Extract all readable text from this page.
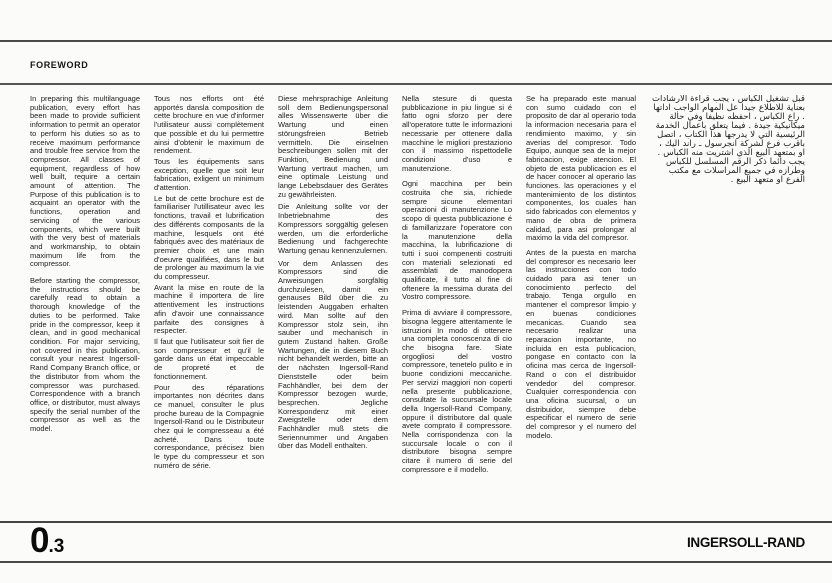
FOREWORD

In preparing this multilanguage publication, every effort has been made to provide sufficient information to permit an operator to perform his duties so as to receive maximum performance and trouble free service from the compressor. All classes of equipment, regardless of how well built, require a certain amount of attention. The Purpose of this publication is to acquaint an operator with the functions, operation and servicing of the various components, which were built with the very best of materials and workmanship, to obtain maximum life from the compressor.

Before starting the compressor, the instructions should be carefully read to obtain a thorough knowledge of the duties to be performed. Take pride in the compressor, keep it clean, and in good mechanical condition. For major servicing, not covered in this publication, consult your nearest Ingersoll-Rand Company Branch office, or the distributor from whom the compressor was purchased. Correspondence with a branch office, or distributor, must always specify the serial number of the compressor as well as the model.

Tous nos efforts ont été apportés dansla composition de cette brochure en vue d'informer l'utilisateur aussi complètement que possible et du lui permettre ainsi d'obtenir le maximum de rendement.

Tous les équipements sans exception, quelle que soit leur fabrication, exligent un minimum d'attention.

Le but de cette brochure est de familiariser l'utillisateur avec les fonctions, travail et lubrification des différents composants de la machine, lesquels ont été fabriqués avec des matériaux de premier choix et une main d'oeuvre qualifiées, dans le but de prolonger au maximum la vie du compresseur.

Avant la mise en route de la machine il importera de lire attentivement les instructions afin d'avoir une connaissance parfaite des consignes à respecter.

Il faut que l'utilisateur soit fier de son compresseur et qu'il le garde dans un état impeccable de propreté et de fonctionnement.

Pour des réparations importantes non décrites dans ce manuel, consulter le plus proche bureau de la Compagnie Ingersoll-Rand ou le Distributeur chez qui le compresseau a été acheté. Dans toute correspondance, précisez bien le type du compresseur et son numéro de série.

Diese mehrsprachige Anleitung soll dem Bedienungspersonal alles Wissenswerte über die Wartung und einen störungsfreien Betrieb vermitteln. Die einselnen beschreibungen sollen mit der Funktion, Bedienung und Wartung vertraut machen, um eine optimale Leistung und lange Lebebsdauer des Gerätes zu gewährleisten.

Die Anleitung sollte vor der Inbetriebnahme des Kompressors sorggältig gelesen werden, um die erforderliche Bedienung und fachgerechte Wartung genau kennenzulernen.

Vor dem Anlassen des Kompressors sind die Anweisungen sorgfältig durchzulesen, damit ein genauses Bild über die zu leistenden Auggaben erhalten wird. Man sollte auf den Kompressor stolz sein, ihn sauber und mechanisch in gutem Zustand halten. Große Wartungen, die in diesem Buch nicht behandelt werden, bitte an der nächsten Ingersoll-Rand Dienststelle oder beim Fachhändler, bei dem der Kompressor bezogen wurde, besprechen. Jegliche Korrespondenz mit einer Zweigstelle oder dem Fachhändler muß stets die Seriennummer und Angaben über das Modell enthalten.

Nella stesure di questa pubblicazione in piu lingue si é fatto ogni sforzo per dere all'operatore tutte le informazioni necessarie per ottenere dalla macchine le migliori prestaziono con il massimo rispettodelle condizioni d'uso e manutenzione.

Ogni macchina per bein costruita che sia, richiede sempre sicune elementari operazioni di manutenzione Lo scopo di questa pubblicazione é di famillarizzare l'operatore con la manutenzione della macchina, la lubrificazione di tutti i suoi compenenti costruiti con materiali selezionati ed assemblati de manodopera qualificate, il tutto al fine di oftenere la messima durata del Vostro compressore.

Prima di avviare il compressore, bisogna leggere attentamente le istruzioni In modo di ottenere una completa conoscenza di cio che bisogna fare. Siate orgogliosi del vostro compressore, tenetelo pulito e in buone condizioni meccaniche. Per servizi maggiori non coperti nella presente pubblicazione, consultate la succursale locale della Ingersoll-Rand Company, oppure il distributore dal quale avete comprato il compressore. Nella corrispondenza con la succursale locale o con il distributore bisogna sempre citare il numero di serie del compressore e il modello.

Se ha preparado este manual con sumo cuidado con el proposito de dar al operario toda la informacion necesaria para el rendimiento maximo, y sin averias del compresor. Todo Equipo, aunque sea de la mejor fabricacion, exige atencion. El objeto de esta publicacion es el de hacer conocer al operario las funciones. las operaciones y el mantenimiento de los distintos componentes, los cuales han sido fabricados con elementos y mano de obra de primera calidad, para asi prolongar al maximo la vida del compresor.

Antes de la puesta en marcha del compresor es necesario leer las instrucciones con todo cuidado para asi tener un conocimiento perfecto del trabajo. Tenga orgullo en mantener el compresor limpio y en buenas condiciones mecanicas. Cuando sea necesario realizar una reparacion importante, no incluida en esta publicacion, pongase en contacto con la oficina mas cerca de Ingersoll-Rand o con el distribuidor vendedor del compresor. Cualquier correspondencia con una oficina sucursal, o un distribuidor, siempre debe especificar el numero de serie del compresor y el numero del modelo.

قبل تشغيل الكباس ، يجب قراءة الارشادات بعناية للاطلاع جيدا عل المهام الواجب اداتها . راع الكباس ، احفظه نظيفا وفي حالة ميكانيكية جيدة . فيما يتعلق باعمال الخدمة الرئيسية التي لا يدرجها هذا الكتاب ، اتصل باقرب فرع لشركة انجرسول ـ راند اليك ، او بمتعهد البيع الذي اشتريت منه الكباس . يجب دائما ذكر الرقم المسلسل للكباس وطرازه في جميع المراسلات مع مكتب الفرع او متعهد البيع .

0.3	INGERSOLL-RAND
